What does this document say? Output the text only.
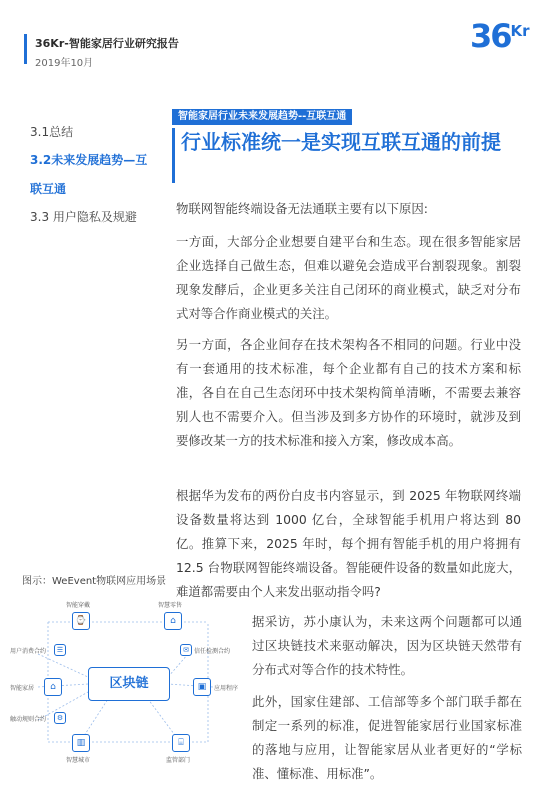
36Kr-智能家居行业研究报告
2019年10月
$36^{Kr}$
3.1总结
3.2未来发展趋势—互
联互通
3.3 用户隐私及规避
智能家居行业未来发展趋势--互联互通
行业标准统一是实现互联互通的前提
物联网智能终端设备无法通联主要有以下原因:
一方面，大部分企业想要自建平台和生态。现在很多智能家居企业选择自己做生态，但难以避免会造成平台割裂现象。割裂现象发酵后，企业更多关注自己闭环的商业模式，缺乏对分布式对等合作商业模式的关注。
另一方面，各企业间存在技术架构各不相同的问题。行业中没有一套通用的技术标准，每个企业都有自己的技术方案和标准，各自在自己生态闭环中技术架构简单清晰，不需要去兼容别人也不需要介入。但当涉及到多方协作的环境时，就涉及到要修改某一方的技术标准和接入方案，修改成本高。
根据华为发布的两份白皮书内容显示，到 2025 年物联网终端设备数量将达到 1000 亿台，全球智能手机用户将达到 80 亿。推算下来，2025 年时，每个拥有智能手机的用户将拥有 12.5 台物联网智能终端设备。智能硬件设备的数量如此庞大，难道都需要由个人来发出驱动指令吗?
据采访，苏小康认为，未来这两个问题都可以通过区块链技术来驱动解决，因为区块链天然带有分布式对等合作的技术特性。
此外，国家住建部、工信部等多个部门联手都在制定一系列的标准，促进智能家居行业国家标准的落地与应用，让智能家居从业者更好的“学标准、懂标准、用标准”。
图示：WeEvent物联网应用场景
区块链
智能穿戴
⌚
智慧零售
⌂
用户消费合约	☰
智能家居	⌂
触动规则合约	⚙
✉ 信任检测合约
▣	应用程序
▥
智慧城市
⌸
监管部门
